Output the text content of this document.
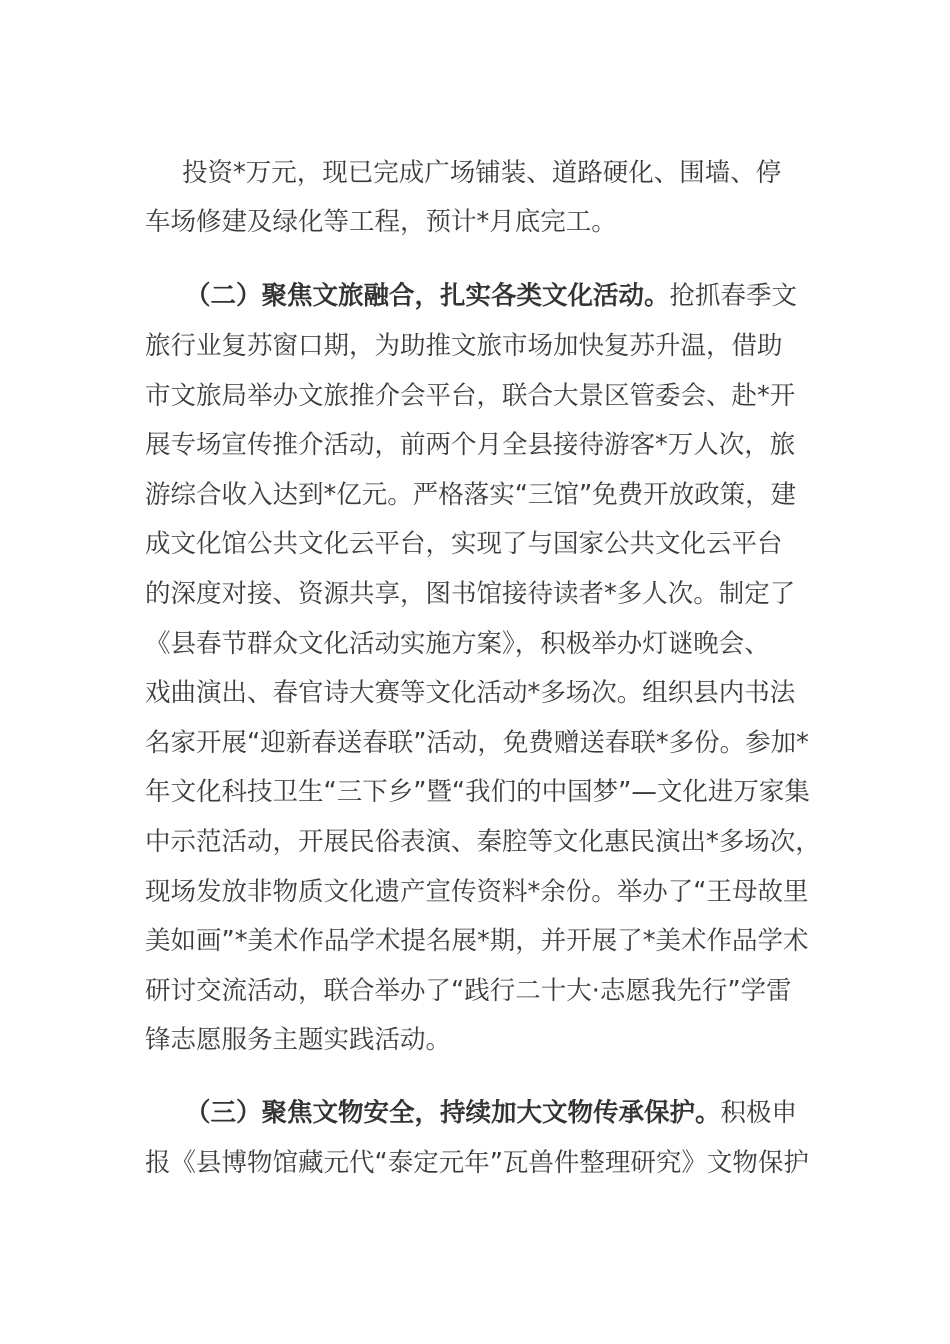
投资*万元，现已完成广场铺装、道路硬化、围墙、停
车场修建及绿化等工程，预计*月底完工。
（二）聚焦文旅融合，扎实各类文化活动。抢抓春季文
旅行业复苏窗口期，为助推文旅市场加快复苏升温，借助
市文旅局举办文旅推介会平台，联合大景区管委会、赴*开
展专场宣传推介活动，前两个月全县接待游客*万人次，旅
游综合收入达到*亿元。严格落实“三馆”免费开放政策，建
成文化馆公共文化云平台，实现了与国家公共文化云平台
的深度对接、资源共享，图书馆接待读者*多人次。制定了
《县春节群众文化活动实施方案》，积极举办灯谜晚会、
戏曲演出、春官诗大赛等文化活动*多场次。组织县内书法
名家开展“迎新春送春联”活动，免费赠送春联*多份。参加*
年文化科技卫生“三下乡”暨“我们的中国梦”—文化进万家集
中示范活动，开展民俗表演、秦腔等文化惠民演出*多场次，
现场发放非物质文化遗产宣传资料*余份。举办了“王母故里
美如画”*美术作品学术提名展*期，并开展了*美术作品学术
研讨交流活动，联合举办了“践行二十大·志愿我先行”学雷
锋志愿服务主题实践活动。
（三）聚焦文物安全，持续加大文物传承保护。积极申
报《县博物馆藏元代“泰定元年”瓦兽件整理研究》文物保护
